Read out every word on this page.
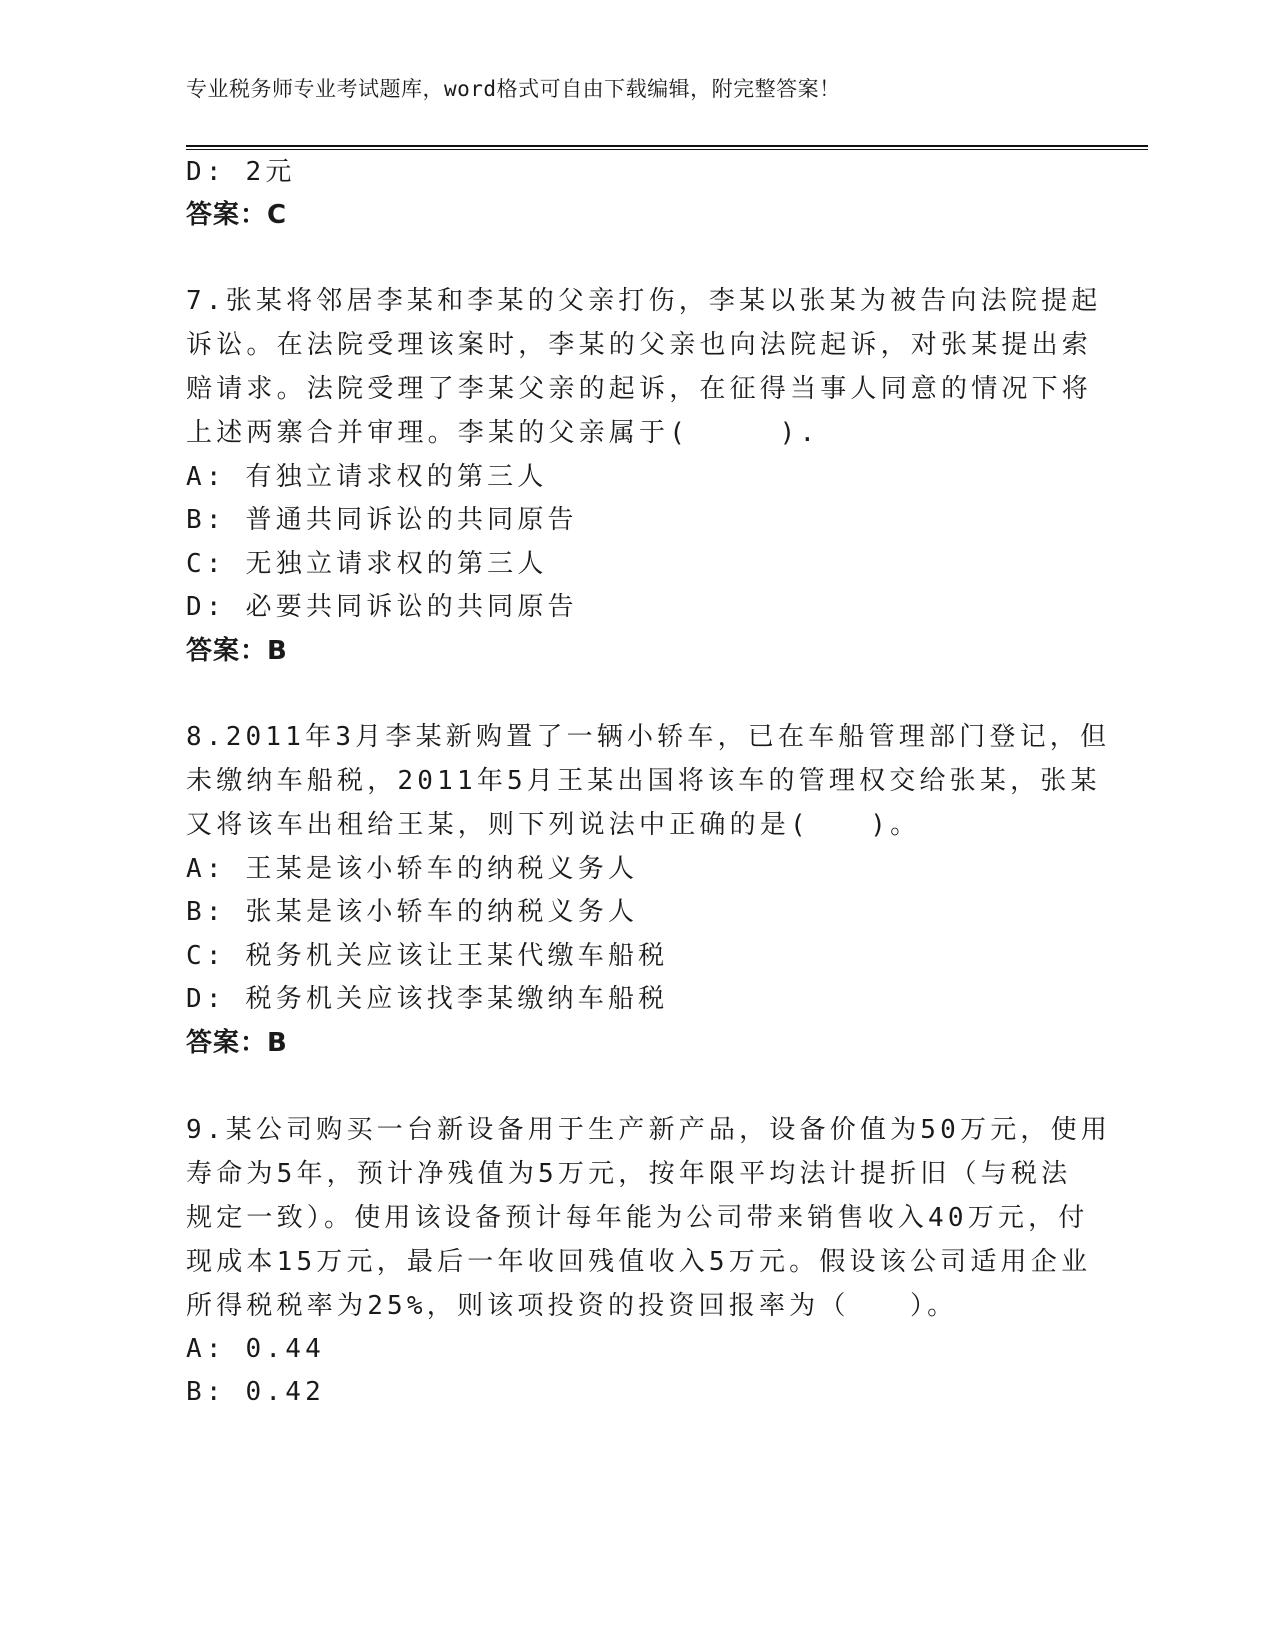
专业税务师专业考试题库，word格式可自由下载编辑，附完整答案！
D: 2元
答案：C
7.张某将邻居李某和李某的父亲打伤，李某以张某为被告向法院提起
诉讼。在法院受理该案时，李某的父亲也向法院起诉，对张某提出索
赔请求。法院受理了李某父亲的起诉，在征得当事人同意的情况下将
上述两寨合并审理。李某的父亲属于(　　　).
A: 有独立请求权的第三人
B: 普通共同诉讼的共同原告
C: 无独立请求权的第三人
D: 必要共同诉讼的共同原告
答案：B
8.2011年3月李某新购置了一辆小轿车，已在车船管理部门登记，但
未缴纳车船税，2011年5月王某出国将该车的管理权交给张某，张某
又将该车出租给王某，则下列说法中正确的是(　　)。
A: 王某是该小轿车的纳税义务人
B: 张某是该小轿车的纳税义务人
C: 税务机关应该让王某代缴车船税
D: 税务机关应该找李某缴纳车船税
答案：B
9.某公司购买一台新设备用于生产新产品，设备价值为50万元，使用
寿命为5年，预计净残值为5万元，按年限平均法计提折旧（与税法
规定一致）。使用该设备预计每年能为公司带来销售收入40万元，付
现成本15万元，最后一年收回残值收入5万元。假设该公司适用企业
所得税税率为25%，则该项投资的投资回报率为（　　）。
A: 0.44
B: 0.42
